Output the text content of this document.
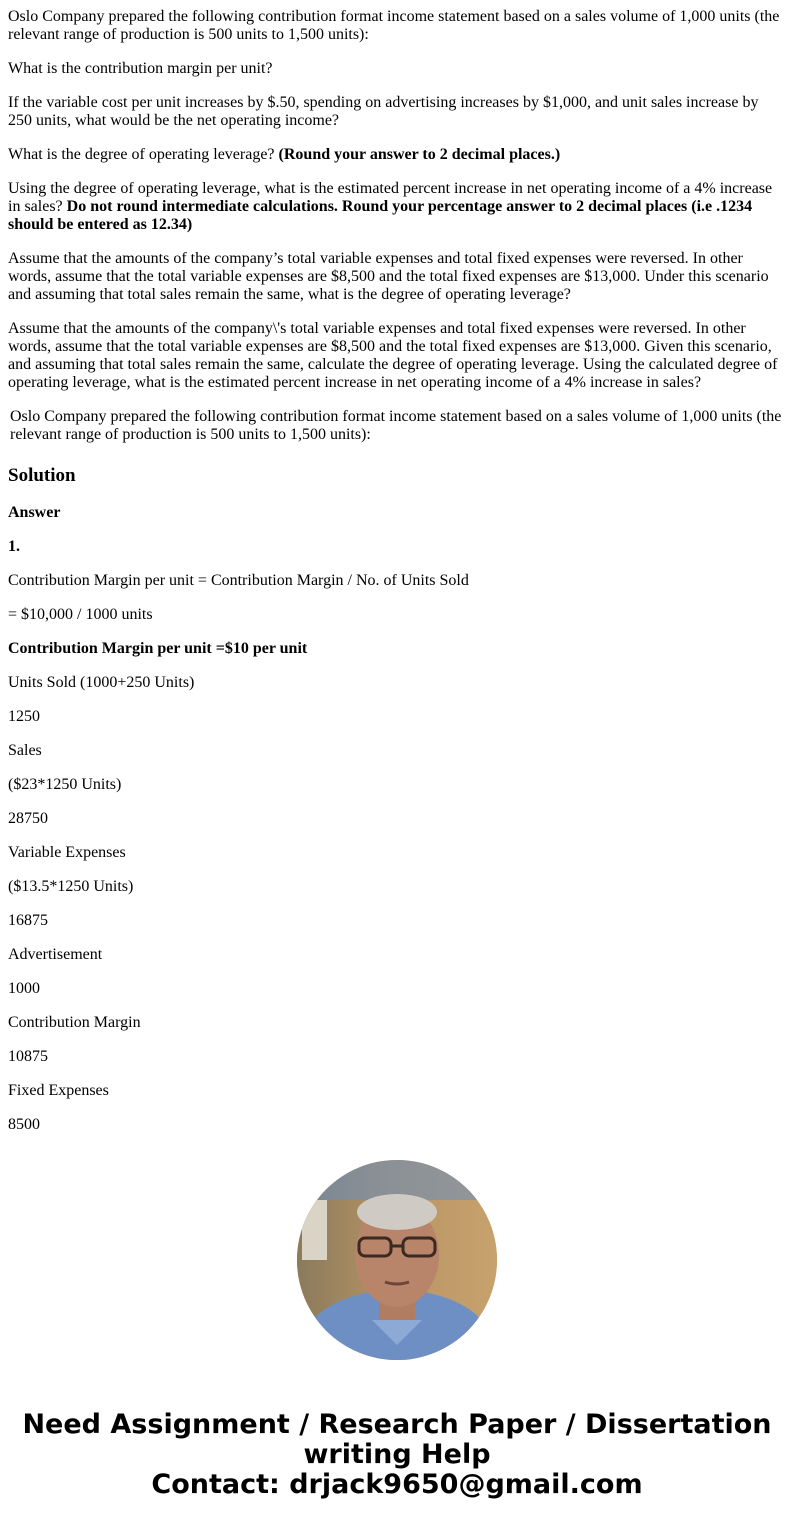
Oslo Company prepared the following contribution format income statement based on a sales volume of 1,000 units (the relevant range of production is 500 units to 1,500 units):

What is the contribution margin per unit?

If the variable cost per unit increases by $.50, spending on advertising increases by $1,000, and unit sales increase by 250 units, what would be the net operating income?

What is the degree of operating leverage? (Round your answer to 2 decimal places.)

Using the degree of operating leverage, what is the estimated percent increase in net operating income of a 4% increase in sales? Do not round intermediate calculations. Round your percentage answer to 2 decimal places (i.e .1234 should be entered as 12.34)

Assume that the amounts of the company’s total variable expenses and total fixed expenses were reversed. In other words, assume that the total variable expenses are $8,500 and the total fixed expenses are $13,000. Under this scenario and assuming that total sales remain the same, what is the degree of operating leverage?

Assume that the amounts of the company\'s total variable expenses and total fixed expenses were reversed. In other words, assume that the total variable expenses are $8,500 and the total fixed expenses are $13,000. Given this scenario, and assuming that total sales remain the same, calculate the degree of operating leverage. Using the calculated degree of operating leverage, what is the estimated percent increase in net operating income of a 4% increase in sales?

Oslo Company prepared the following contribution format income statement based on a sales volume of 1,000 units (the relevant range of production is 500 units to 1,500 units):

Solution

Answer

1.

Contribution Margin per unit = Contribution Margin / No. of Units Sold

= $10,000 / 1000 units

Contribution Margin per unit =$10 per unit

Units Sold (1000+250 Units)

1250

Sales

($23*1250 Units)

28750

Variable Expenses

($13.5*1250 Units)

16875

Advertisement

1000

Contribution Margin

10875

Fixed Expenses

8500

Need Assignment / Research Paper / Dissertation
writing Help
Contact: drjack9650@gmail.com
